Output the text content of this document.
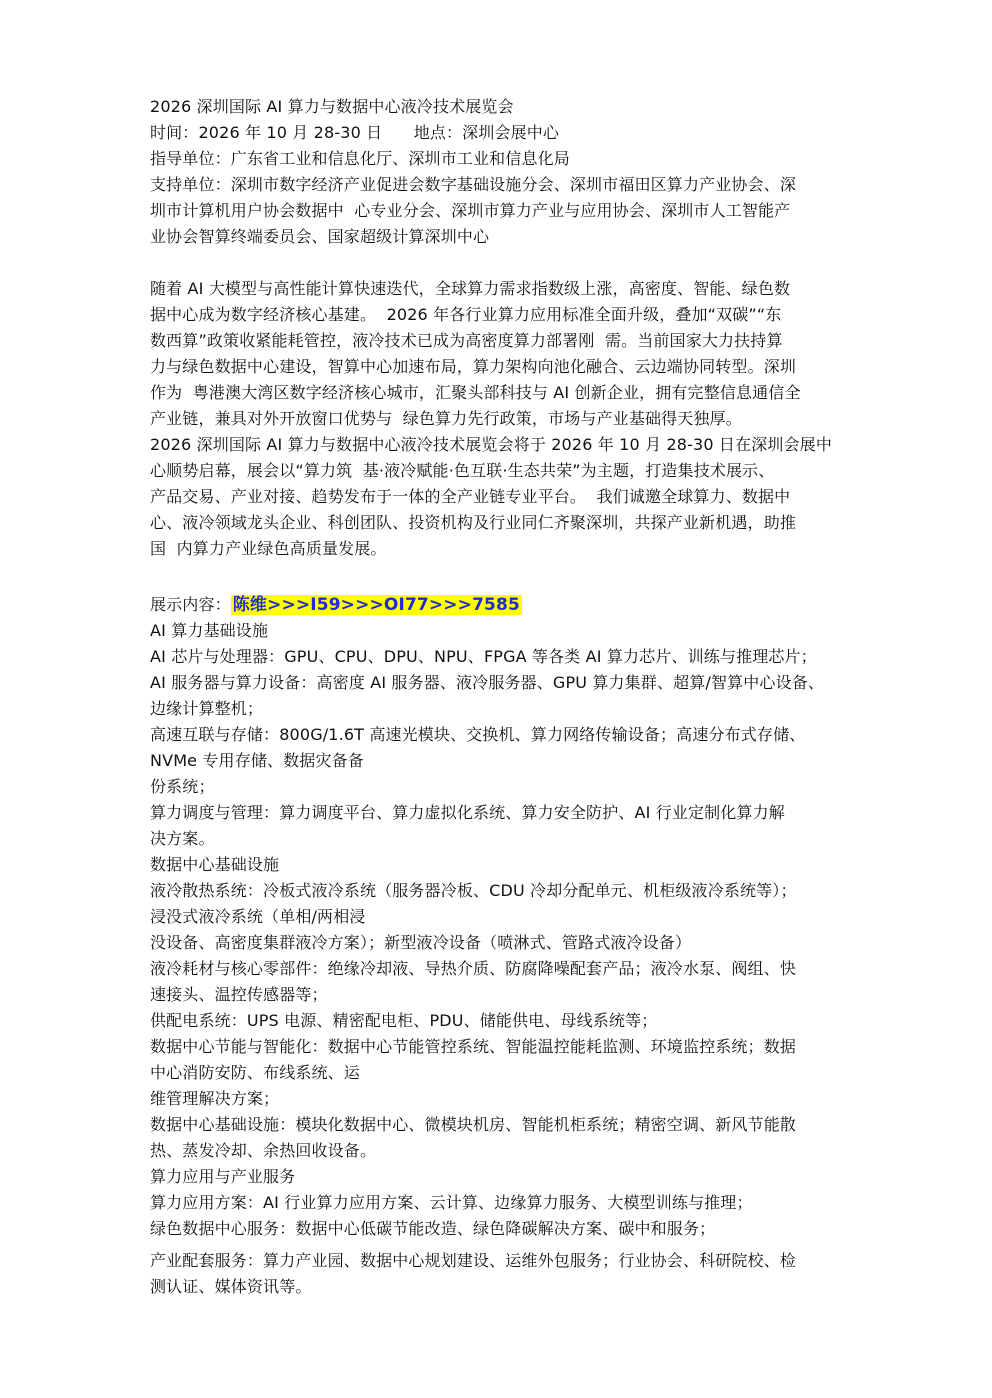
2026 深圳国际 AI 算力与数据中心液冷技术展览会
时间：2026 年 10 月 28-30 日      地点：深圳会展中心
指导单位：广东省工业和信息化厅、深圳市工业和信息化局
支持单位：深圳市数字经济产业促进会数字基础设施分会、深圳市福田区算力产业协会、深
圳市计算机用户协会数据中  心专业分会、深圳市算力产业与应用协会、深圳市人工智能产
业协会智算终端委员会、国家超级计算深圳中心
随着 AI 大模型与高性能计算快速迭代，全球算力需求指数级上涨，高密度、智能、绿色数
据中心成为数字经济核心基建。  2026 年各行业算力应用标准全面升级，叠加“双碳”“东
数西算”政策收紧能耗管控，液冷技术已成为高密度算力部署刚  需。当前国家大力扶持算
力与绿色数据中心建设，智算中心加速布局，算力架构向池化融合、云边端协同转型。深圳
作为  粤港澳大湾区数字经济核心城市，汇聚头部科技与 AI 创新企业，拥有完整信息通信全
产业链，兼具对外开放窗口优势与  绿色算力先行政策，市场与产业基础得天独厚。
2026 深圳国际 AI 算力与数据中心液冷技术展览会将于 2026 年 10 月 28-30 日在深圳会展中
心顺势启幕，展会以“算力筑  基·液冷赋能·色互联·生态共荣”为主题，打造集技术展示、
产品交易、产业对接、趋势发布于一体的全产业链专业平台。  我们诚邀全球算力、数据中
心、液冷领域龙头企业、科创团队、投资机构及行业同仁齐聚深圳，共探产业新机遇，助推
国  内算力产业绿色高质量发展。
展示内容： 陈维>>>I59>>>OI77>>>7585
AI 算力基础设施
AI 芯片与处理器：GPU、CPU、DPU、NPU、FPGA 等各类 AI 算力芯片、训练与推理芯片；
AI 服务器与算力设备：高密度 AI 服务器、液冷服务器、GPU 算力集群、超算/智算中心设备、
边缘计算整机；
高速互联与存储：800G/1.6T 高速光模块、交换机、算力网络传输设备；高速分布式存储、
NVMe 专用存储、数据灾备备
份系统；
算力调度与管理：算力调度平台、算力虚拟化系统、算力安全防护、AI 行业定制化算力解
决方案。
数据中心基础设施
液冷散热系统：冷板式液冷系统（服务器冷板、CDU 冷却分配单元、机柜级液冷系统等）；
浸没式液冷系统（单相/两相浸
没设备、高密度集群液冷方案）；新型液冷设备（喷淋式、管路式液冷设备）
液冷耗材与核心零部件：绝缘冷却液、导热介质、防腐降噪配套产品；液冷水泵、阀组、快
速接头、温控传感器等；
供配电系统：UPS 电源、精密配电柜、PDU、储能供电、母线系统等；
数据中心节能与智能化：数据中心节能管控系统、智能温控能耗监测、环境监控系统；数据
中心消防安防、布线系统、运
维管理解决方案；
数据中心基础设施：模块化数据中心、微模块机房、智能机柜系统；精密空调、新风节能散
热、蒸发冷却、余热回收设备。
算力应用与产业服务
算力应用方案：AI 行业算力应用方案、云计算、边缘算力服务、大模型训练与推理；
绿色数据中心服务：数据中心低碳节能改造、绿色降碳解决方案、碳中和服务；
产业配套服务：算力产业园、数据中心规划建设、运维外包服务；行业协会、科研院校、检
测认证、媒体资讯等。
